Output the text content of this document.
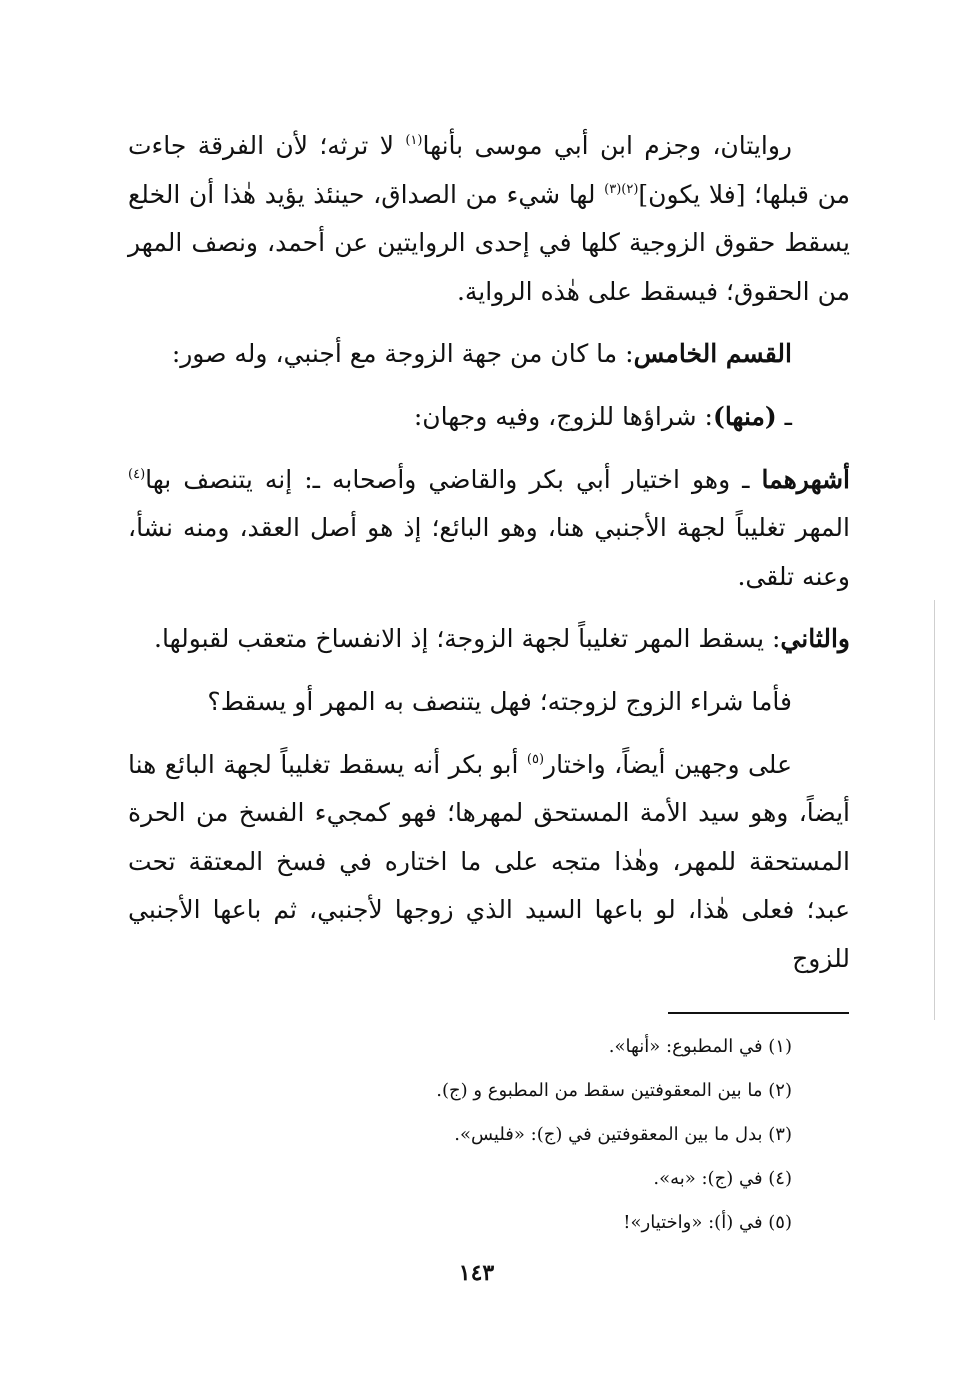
روايتان، وجزم ابن أبي موسى بأنها$^{(١)}$ لا ترثه؛ لأن الفرقة جاءت من قبلها؛ [فلا يكون]$^{(٢)(٣)}$ لها شيء من الصداق، حينئذ يؤيد هٰذا أن الخلع يسقط حقوق الزوجية كلها في إحدى الروايتين عن أحمد، ونصف المهر من الحقوق؛ فيسقط على هٰذه الرواية.

القسم الخامس: ما كان من جهة الزوجة مع أجنبي، وله صور:

ـ (منها): شراؤها للزوج، وفيه وجهان:

أشهرهما ـ وهو اختيار أبي بكر والقاضي وأصحابه ـ: إنه يتنصف بها$^{(٤)}$ المهر تغليباً لجهة الأجنبي هنا، وهو البائع؛ إذ هو أصل العقد، ومنه نشأ، وعنه تلقى.

والثاني: يسقط المهر تغليباً لجهة الزوجة؛ إذ الانفساخ متعقب لقبولها.

فأما شراء الزوج لزوجته؛ فهل يتنصف به المهر أو يسقط؟

على وجهين أيضاً، واختار$^{(٥)}$ أبو بكر أنه يسقط تغليباً لجهة البائع هنا أيضاً، وهو سيد الأمة المستحق لمهرها؛ فهو كمجيء الفسخ من الحرة المستحقة للمهر، وهٰذا متجه على ما اختاره في فسخ المعتقة تحت عبد؛ فعلى هٰذا، لو باعها السيد الذي زوجها لأجنبي، ثم باعها الأجنبي للزوج

(١) في المطبوع: «أنها».

(٢) ما بين المعقوفتين سقط من المطبوع و (ج).

(٣) بدل ما بين المعقوفتين في (ج): «فليس».

(٤) في (ج): «به».

(٥) في (أ): «واختيار»!

١٤٣
